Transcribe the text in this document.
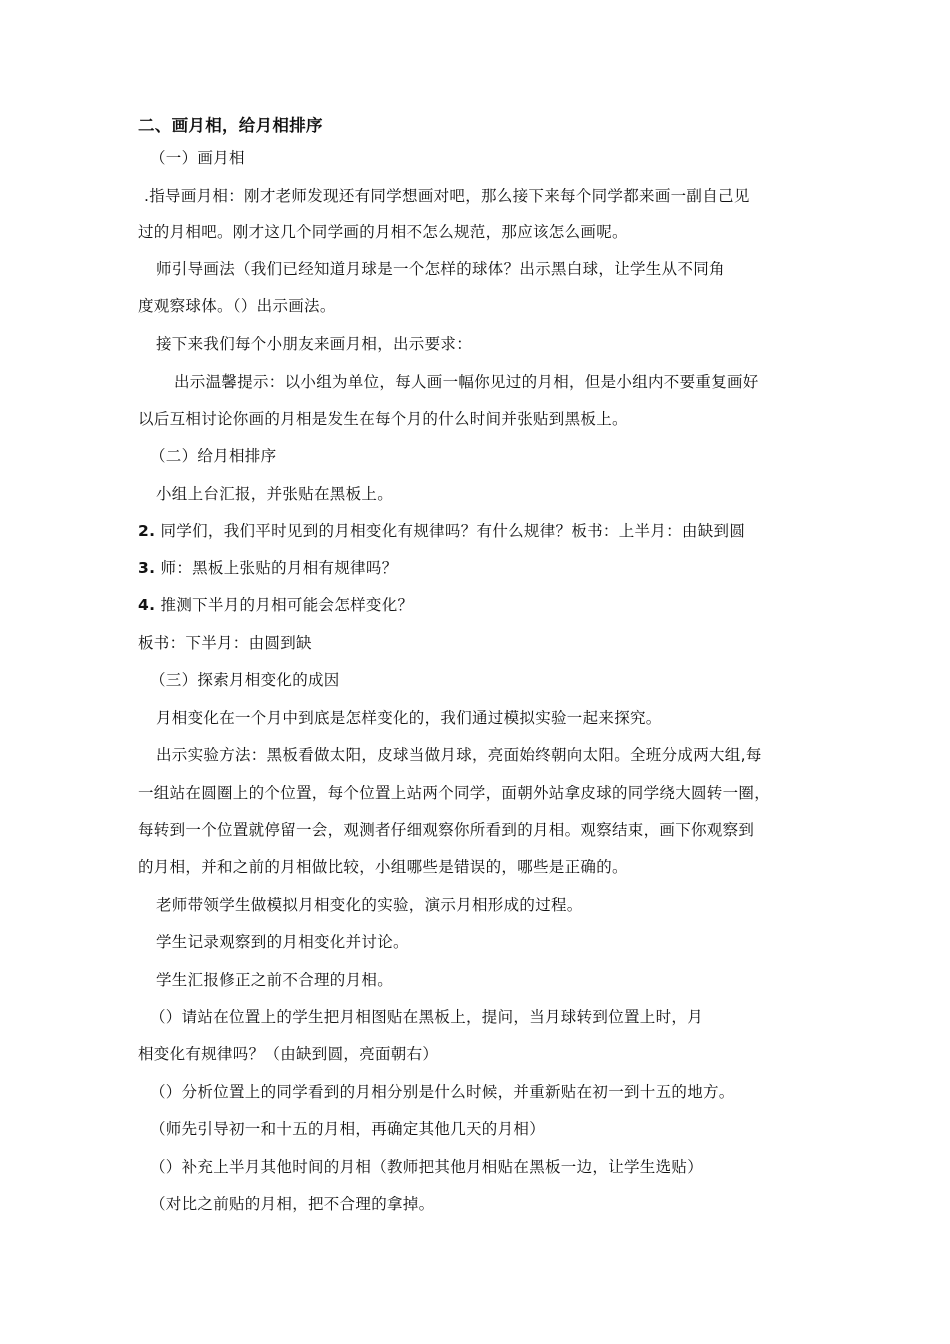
二、画月相，给月相排序
（一）画月相
.指导画月相：刚才老师发现还有同学想画对吧，那么接下来每个同学都来画一副自己见
过的月相吧。刚才这几个同学画的月相不怎么规范，那应该怎么画呢。
师引导画法（我们已经知道月球是一个怎样的球体？出示黑白球，让学生从不同角
度观察球体。（）出示画法。
接下来我们每个小朋友来画月相，出示要求：
出示温馨提示：以小组为单位，每人画一幅你见过的月相，但是小组内不要重复画好
以后互相讨论你画的月相是发生在每个月的什么时间并张贴到黑板上。
（二）给月相排序
小组上台汇报，并张贴在黑板上。
2. 同学们，我们平时见到的月相变化有规律吗？有什么规律？板书：上半月：由缺到圆
3. 师：黑板上张贴的月相有规律吗？
4. 推测下半月的月相可能会怎样变化？
板书：下半月：由圆到缺
（三）探索月相变化的成因
月相变化在一个月中到底是怎样变化的，我们通过模拟实验一起来探究。
出示实验方法：黑板看做太阳，皮球当做月球，亮面始终朝向太阳。全班分成两大组,每
一组站在圆圈上的个位置，每个位置上站两个同学，面朝外站拿皮球的同学绕大圆转一圈，
每转到一个位置就停留一会，观测者仔细观察你所看到的月相。观察结束，画下你观察到
的月相，并和之前的月相做比较，小组哪些是错误的，哪些是正确的。
老师带领学生做模拟月相变化的实验，演示月相形成的过程。
学生记录观察到的月相变化并讨论。
学生汇报修正之前不合理的月相。
（）请站在位置上的学生把月相图贴在黑板上，提问，当月球转到位置上时，月
相变化有规律吗？（由缺到圆，亮面朝右）
（）分析位置上的同学看到的月相分别是什么时候，并重新贴在初一到十五的地方。
（师先引导初一和十五的月相，再确定其他几天的月相）
（）补充上半月其他时间的月相（教师把其他月相贴在黑板一边，让学生选贴）
（对比之前贴的月相，把不合理的拿掉。
